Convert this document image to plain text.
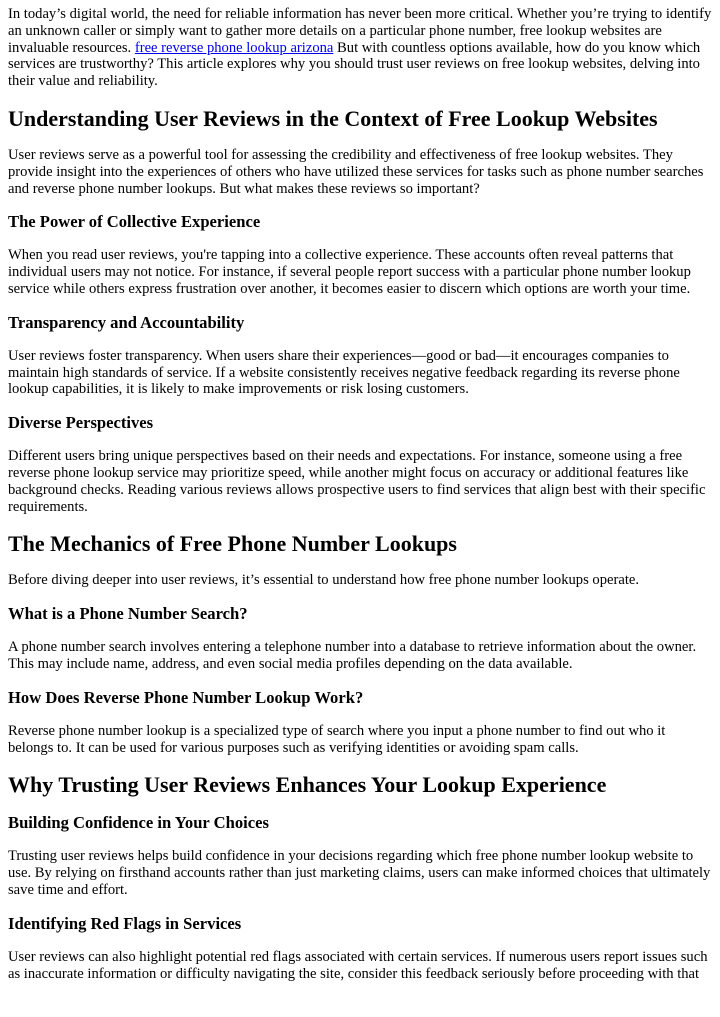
In today’s digital world, the need for reliable information has never been more critical. Whether you’re trying to identify an unknown caller or simply want to gather more details on a particular phone number, free lookup websites are invaluable resources. free reverse phone lookup arizona But with countless options available, how do you know which services are trustworthy? This article explores why you should trust user reviews on free lookup websites, delving into their value and reliability.

Understanding User Reviews in the Context of Free Lookup Websites

User reviews serve as a powerful tool for assessing the credibility and effectiveness of free lookup websites. They provide insight into the experiences of others who have utilized these services for tasks such as phone number searches and reverse phone number lookups. But what makes these reviews so important?

The Power of Collective Experience

When you read user reviews, you're tapping into a collective experience. These accounts often reveal patterns that individual users may not notice. For instance, if several people report success with a particular phone number lookup service while others express frustration over another, it becomes easier to discern which options are worth your time.

Transparency and Accountability

User reviews foster transparency. When users share their experiences—good or bad—it encourages companies to maintain high standards of service. If a website consistently receives negative feedback regarding its reverse phone lookup capabilities, it is likely to make improvements or risk losing customers.

Diverse Perspectives

Different users bring unique perspectives based on their needs and expectations. For instance, someone using a free reverse phone lookup service may prioritize speed, while another might focus on accuracy or additional features like background checks. Reading various reviews allows prospective users to find services that align best with their specific requirements.

The Mechanics of Free Phone Number Lookups

Before diving deeper into user reviews, it’s essential to understand how free phone number lookups operate.

What is a Phone Number Search?

A phone number search involves entering a telephone number into a database to retrieve information about the owner. This may include name, address, and even social media profiles depending on the data available.

How Does Reverse Phone Number Lookup Work?

Reverse phone number lookup is a specialized type of search where you input a phone number to find out who it belongs to. It can be used for various purposes such as verifying identities or avoiding spam calls.

Why Trusting User Reviews Enhances Your Lookup Experience
Building Confidence in Your Choices

Trusting user reviews helps build confidence in your decisions regarding which free phone number lookup website to use. By relying on firsthand accounts rather than just marketing claims, users can make informed choices that ultimately save time and effort.

Identifying Red Flags in Services

User reviews can also highlight potential red flags associated with certain services. If numerous users report issues such as inaccurate information or difficulty navigating the site, consider this feedback seriously before proceeding with that
